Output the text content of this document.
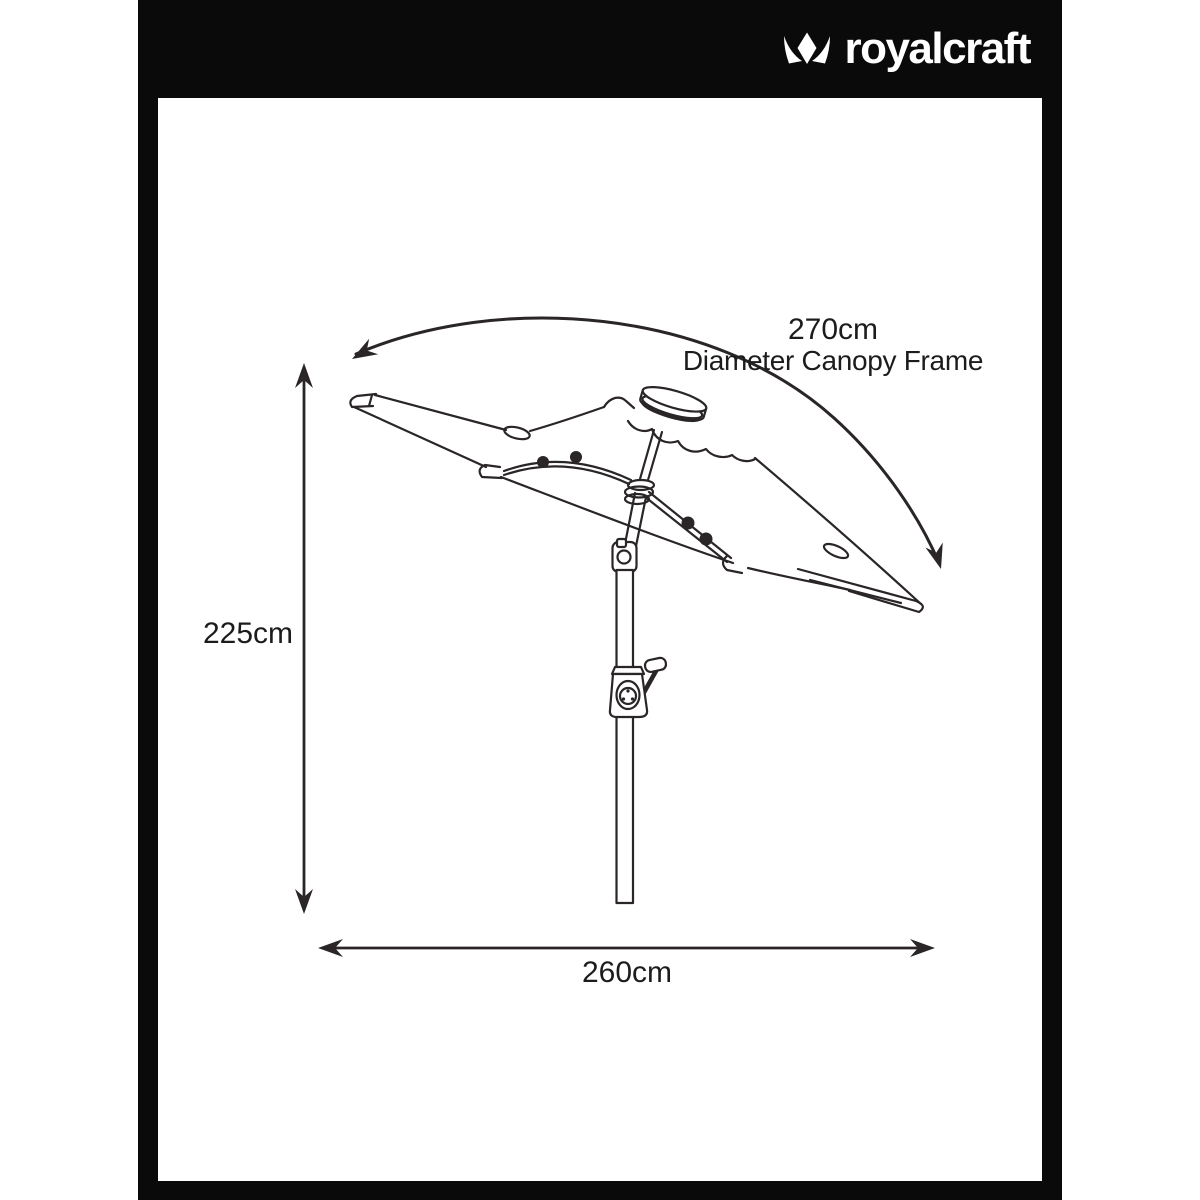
royalcraft
270cm
Diameter Canopy Frame
225cm
260cm
